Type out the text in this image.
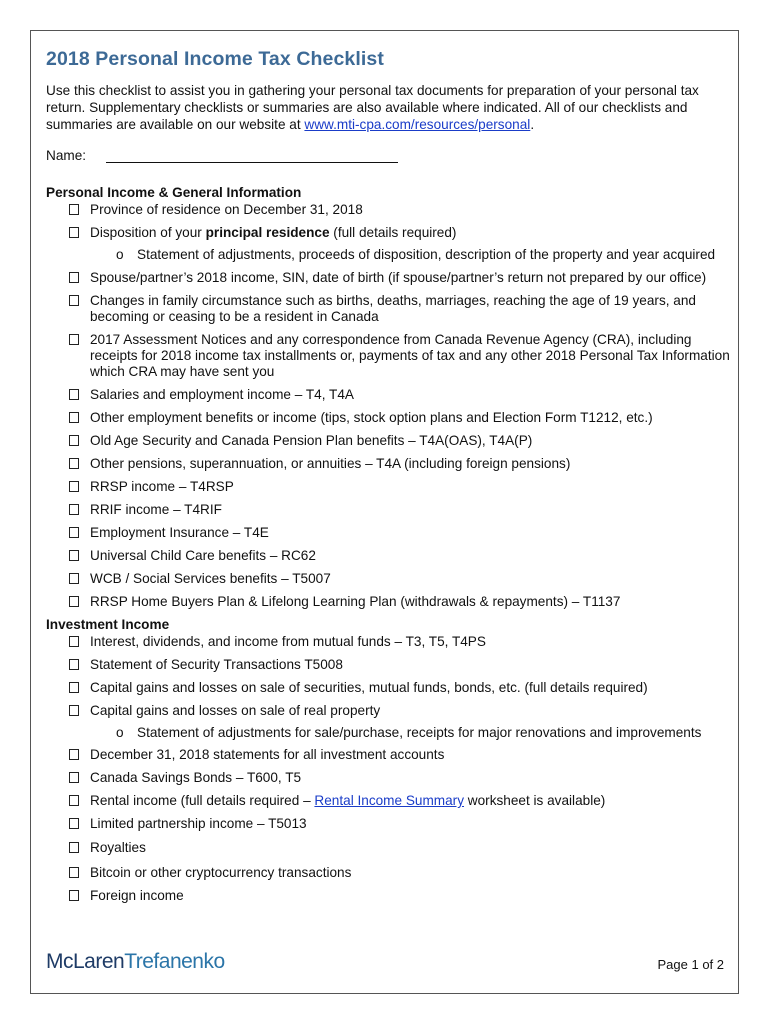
2018 Personal Income Tax Checklist

Use this checklist to assist you in gathering your personal tax documents for preparation of your personal tax return. Supplementary checklists or summaries are also available where indicated. All of our checklists and summaries are available on our website at www.mti-cpa.com/resources/personal.

Name:
Personal Income & General Information
Province of residence on December 31, 2018
Disposition of your principal residence (full details required)
o Statement of adjustments, proceeds of disposition, description of the property and year acquired
Spouse/partner’s 2018 income, SIN, date of birth (if spouse/partner’s return not prepared by our office)
Changes in family circumstance such as births, deaths, marriages, reaching the age of 19 years, and becoming or ceasing to be a resident in Canada
2017 Assessment Notices and any correspondence from Canada Revenue Agency (CRA), including receipts for 2018 income tax installments or, payments of tax and any other 2018 Personal Tax Information which CRA may have sent you
Salaries and employment income – T4, T4A
Other employment benefits or income (tips, stock option plans and Election Form T1212, etc.)
Old Age Security and Canada Pension Plan benefits – T4A(OAS), T4A(P)
Other pensions, superannuation, or annuities – T4A (including foreign pensions)
RRSP income – T4RSP
RRIF income – T4RIF
Employment Insurance – T4E
Universal Child Care benefits – RC62
WCB / Social Services benefits – T5007
RRSP Home Buyers Plan & Lifelong Learning Plan (withdrawals & repayments) – T1137
Investment Income
Interest, dividends, and income from mutual funds – T3, T5, T4PS
Statement of Security Transactions T5008
Capital gains and losses on sale of securities, mutual funds, bonds, etc. (full details required)
Capital gains and losses on sale of real property
o Statement of adjustments for sale/purchase, receipts for major renovations and improvements
December 31, 2018 statements for all investment accounts
Canada Savings Bonds – T600, T5
Rental income (full details required – Rental Income Summary worksheet is available)
Limited partnership income – T5013
Royalties
Bitcoin or other cryptocurrency transactions
Foreign income
McLarenTrefanenko	Page 1 of 2
